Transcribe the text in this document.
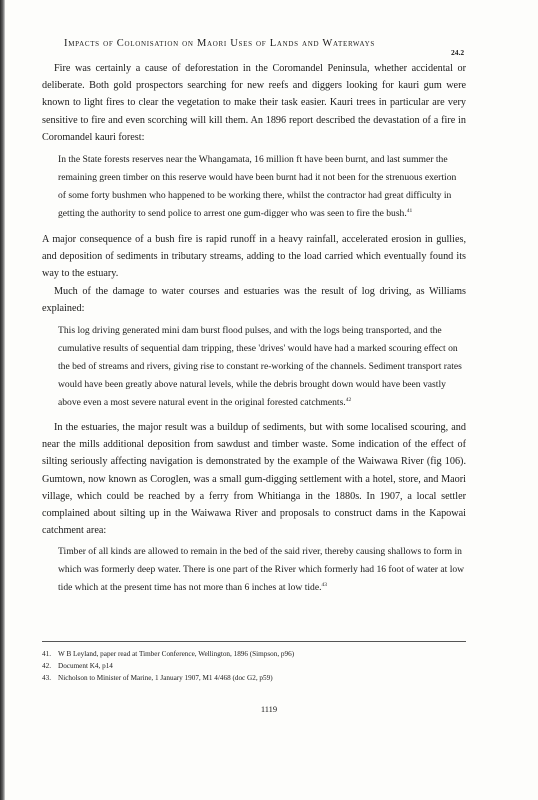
Impacts of Colonisation on Maori Uses of Lands and Waterways
24.2

Fire was certainly a cause of deforestation in the Coromandel Peninsula, whether accidental or deliberate. Both gold prospectors searching for new reefs and diggers looking for kauri gum were known to light fires to clear the vegetation to make their task easier. Kauri trees in particular are very sensitive to fire and even scorching will kill them. An 1896 report described the devastation of a fire in Coromandel kauri forest:

In the State forests reserves near the Whangamata, 16 million ft have been burnt, and last summer the remaining green timber on this reserve would have been burnt had it not been for the strenuous exertion of some forty bushmen who happened to be working there, whilst the contractor had great difficulty in getting the authority to send police to arrest one gum-digger who was seen to fire the bush.$^{41}$

A major consequence of a bush fire is rapid runoff in a heavy rainfall, accelerated erosion in gullies, and deposition of sediments in tributary streams, adding to the load carried which eventually found its way to the estuary.

Much of the damage to water courses and estuaries was the result of log driving, as Williams explained:

This log driving generated mini dam burst flood pulses, and with the logs being transported, and the cumulative results of sequential dam tripping, these 'drives' would have had a marked scouring effect on the bed of streams and rivers, giving rise to constant re-working of the channels. Sediment transport rates would have been greatly above natural levels, while the debris brought down would have been vastly above even a most severe natural event in the original forested catchments.$^{42}$

In the estuaries, the major result was a buildup of sediments, but with some localised scouring, and near the mills additional deposition from sawdust and timber waste. Some indication of the effect of silting seriously affecting navigation is demonstrated by the example of the Waiwawa River (fig 106). Gumtown, now known as Coroglen, was a small gum-digging settlement with a hotel, store, and Maori village, which could be reached by a ferry from Whitianga in the 1880s. In 1907, a local settler complained about silting up in the Waiwawa River and proposals to construct dams in the Kapowai catchment area:

Timber of all kinds are allowed to remain in the bed of the said river, thereby causing shallows to form in which was formerly deep water. There is one part of the River which formerly had 16 foot of water at low tide which at the present time has not more than 6 inches at low tide.$^{43}$
41. W B Leyland, paper read at Timber Conference, Wellington, 1896 (Simpson, p96)
42. Document K4, p14
43. Nicholson to Minister of Marine, 1 January 1907, M1 4/468 (doc G2, p59)
1119
